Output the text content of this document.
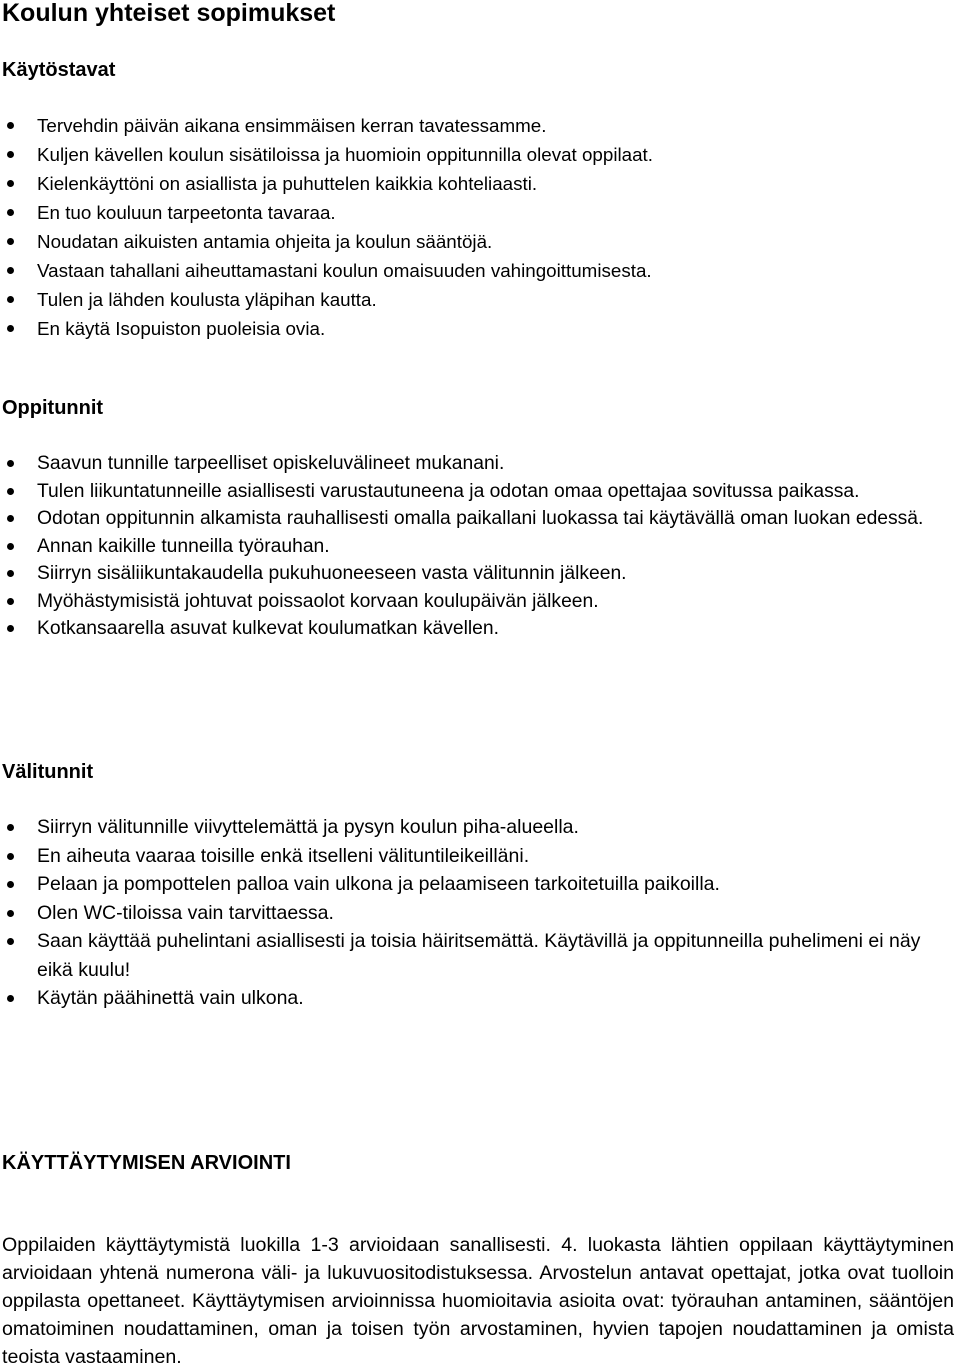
Koulun yhteiset sopimukset
Käytöstavat
Tervehdin päivän aikana ensimmäisen kerran tavatessamme.
Kuljen kävellen koulun sisätiloissa ja huomioin oppitunnilla olevat oppilaat.
Kielenkäyttöni on asiallista ja puhuttelen kaikkia kohteliaasti.
En tuo kouluun tarpeetonta tavaraa.
Noudatan aikuisten antamia ohjeita ja koulun sääntöjä.
Vastaan tahallani aiheuttamastani koulun omaisuuden vahingoittumisesta.
Tulen ja lähden koulusta yläpihan kautta.
En käytä Isopuiston puoleisia ovia.
Oppitunnit
Saavun tunnille tarpeelliset opiskeluvälineet mukanani.
Tulen liikuntatunneille asiallisesti varustautuneena ja odotan omaa opettajaa sovitussa paikassa.
Odotan oppitunnin alkamista rauhallisesti omalla paikallani luokassa tai käytävällä oman luokan edessä.
Annan kaikille tunneilla työrauhan.
Siirryn sisäliikuntakaudella pukuhuoneeseen vasta välitunnin jälkeen.
Myöhästymisistä johtuvat poissaolot korvaan koulupäivän jälkeen.
Kotkansaarella asuvat kulkevat koulumatkan kävellen.
Välitunnit
Siirryn välitunnille viivyttelemättä ja pysyn koulun piha-alueella.
En aiheuta vaaraa toisille enkä itselleni välituntileikeilläni.
Pelaan ja pompottelen palloa vain ulkona ja pelaamiseen tarkoitetuilla paikoilla.
Olen WC-tiloissa vain tarvittaessa.
Saan käyttää puhelintani asiallisesti ja toisia häiritsemättä. Käytävillä ja oppitunneilla puhelimeni ei näy eikä kuulu!
Käytän päähinettä vain ulkona.
KÄYTTÄYTYMISEN ARVIOINTI

Oppilaiden käyttäytymistä luokilla 1-3 arvioidaan sanallisesti. 4. luokasta lähtien oppilaan käyttäytyminen arvioidaan yhtenä numerona väli- ja lukuvuositodistuksessa. Arvostelun antavat opettajat, jotka ovat tuolloin oppilasta opettaneet. Käyttäytymisen arvioinnissa huomioitavia asioita ovat: työrauhan antaminen, sääntöjen omatoiminen noudattaminen, oman ja toisen työn arvostaminen, hyvien tapojen noudattaminen ja omista teoista vastaaminen.
